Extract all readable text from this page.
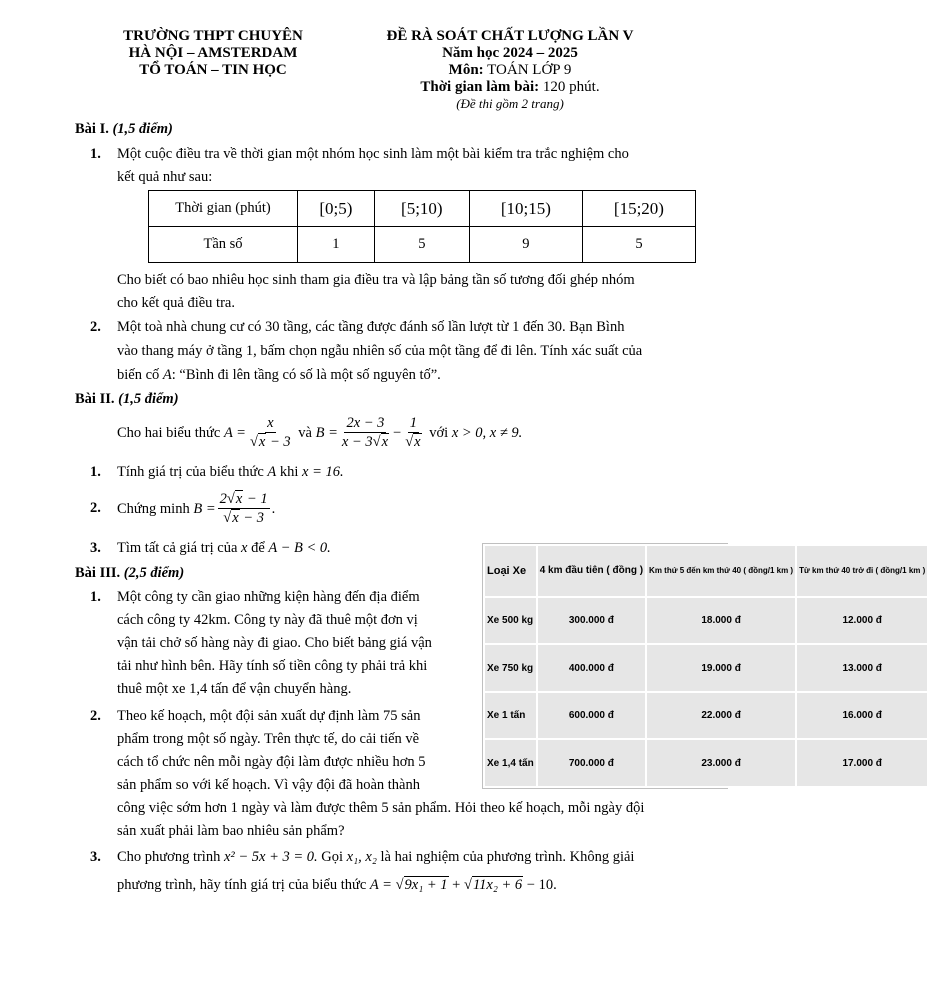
TRƯỜNG THPT CHUYÊN
HÀ NỘI – AMSTERDAM
TỔ TOÁN – TIN HỌC
ĐỀ RÀ SOÁT CHẤT LƯỢNG LẦN V
Năm học 2024 – 2025
Môn: TOÁN LỚP 9
Thời gian làm bài: 120 phút.
(Đề thi gồm 2 trang)
Bài I. (1,5 điểm)
1. Một cuộc điều tra về thời gian một nhóm học sinh làm một bài kiểm tra trắc nghiệm cho
kết quả như sau:
Thời gian (phút)	[0;5)	[5;10)	[10;15)	[15;20)
Tần số	1	5	9	5
Cho biết có bao nhiêu học sinh tham gia điều tra và lập bảng tần số tương đối ghép nhóm
cho kết quả điều tra.
2. Một toà nhà chung cư có 30 tầng, các tầng được đánh số lần lượt từ 1 đến 30. Bạn Bình
vào thang máy ở tầng 1, bấm chọn ngẫu nhiên số của một tầng để đi lên. Tính xác suất của
biến cố A: “Bình đi lên tầng có số là một số nguyên tố”.
Bài II. (1,5 điểm)
Cho hai biểu thức
$A = \frac{x}{√x - 3}$
và
$B = \frac{2x - 3}{x - 3√x} - \frac{1}{√x}$
với
x > 0, x ≠ 9.
1. Tính giá trị của biểu thức A khi x = 16.
2. Chứng minh
$B = \frac{2√x - 1}{√x - 3}$ .
3. Tìm tất cả giá trị của x để A − B < 0.
Bài III. (2,5 điểm)
1. Một công ty cần giao những kiện hàng đến địa điểm
cách công ty 42km. Công ty này đã thuê một đơn vị
vận tải chở số hàng này đi giao. Cho biết bảng giá vận
tải như hình bên. Hãy tính số tiền công ty phải trả khi
thuê một xe 1,4 tấn để vận chuyển hàng.
2. Theo kế hoạch, một đội sản xuất dự định làm 75 sản
phẩm trong một số ngày. Trên thực tế, do cải tiến về
cách tổ chức nên mỗi ngày đội làm được nhiều hơn 5
sản phẩm so với kế hoạch. Vì vậy đội đã hoàn thành
công việc sớm hơn 1 ngày và làm được thêm 5 sản phẩm. Hỏi theo kế hoạch, mỗi ngày đội
sản xuất phải làm bao nhiêu sản phẩm?
3. Cho phương trình x² − 5x + 3 = 0. Gọi x₁, x₂ là hai nghiệm của phương trình. Không giải
phương trình, hãy tính giá trị của biểu thức A = √9x₁ + 1 + √11x₂ + 6 − 10.
Loại Xe	4 km đầu tiên ( đồng )	Km thứ 5 đến km thứ 40 ( đồng/1 km )	Từ km thứ 40 trở đi ( đồng/1 km )
Xe 500 kg	300.000 đ	18.000 đ	12.000 đ
Xe 750 kg	400.000 đ	19.000 đ	13.000 đ
Xe 1 tấn	600.000 đ	22.000 đ	16.000 đ
Xe 1,4 tấn	700.000 đ	23.000 đ	17.000 đ
